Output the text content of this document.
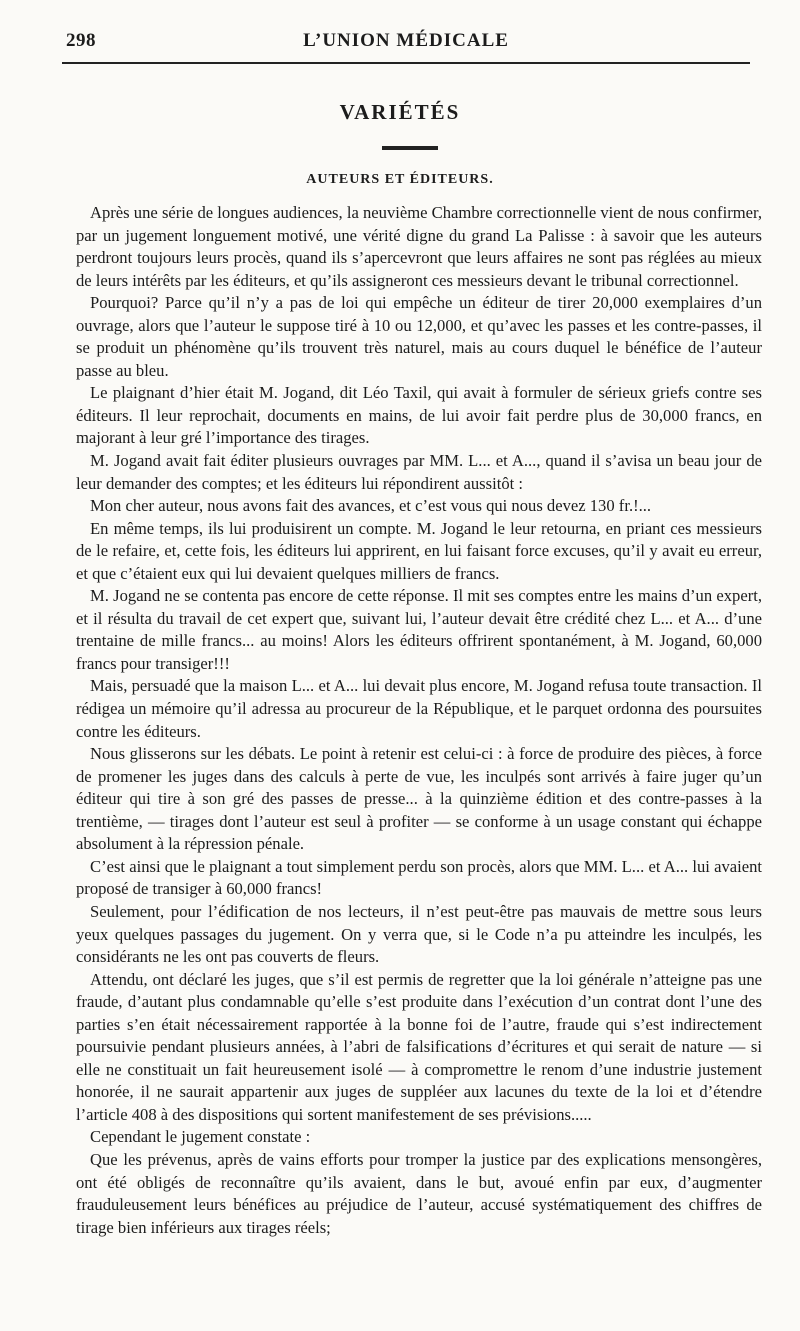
298	L’UNION MÉDICALE
VARIÉTÉS
AUTEURS ET ÉDITEURS.

Après une série de longues audiences, la neuvième Chambre correctionnelle vient de nous confirmer, par un jugement longuement motivé, une vérité digne du grand La Palisse : à savoir que les auteurs perdront toujours leurs procès, quand ils s’apercevront que leurs affaires ne sont pas réglées au mieux de leurs intérêts par les éditeurs, et qu’ils assigneront ces messieurs devant le tribunal correctionnel.

Pourquoi? Parce qu’il n’y a pas de loi qui empêche un éditeur de tirer 20,000 exemplaires d’un ouvrage, alors que l’auteur le suppose tiré à 10 ou 12,000, et qu’avec les passes et les contre-passes, il se produit un phénomène qu’ils trouvent très naturel, mais au cours duquel le bénéfice de l’auteur passe au bleu.

Le plaignant d’hier était M. Jogand, dit Léo Taxil, qui avait à formuler de sérieux griefs contre ses éditeurs. Il leur reprochait, documents en mains, de lui avoir fait perdre plus de 30,000 francs, en majorant à leur gré l’importance des tirages.

M. Jogand avait fait éditer plusieurs ouvrages par MM. L... et A..., quand il s’avisa un beau jour de leur demander des comptes; et les éditeurs lui répondirent aussitôt :

Mon cher auteur, nous avons fait des avances, et c’est vous qui nous devez 130 fr.!...

En même temps, ils lui produisirent un compte. M. Jogand le leur retourna, en priant ces messieurs de le refaire, et, cette fois, les éditeurs lui apprirent, en lui faisant force excuses, qu’il y avait eu erreur, et que c’étaient eux qui lui devaient quelques milliers de francs.

M. Jogand ne se contenta pas encore de cette réponse. Il mit ses comptes entre les mains d’un expert, et il résulta du travail de cet expert que, suivant lui, l’auteur devait être crédité chez L... et A... d’une trentaine de mille francs... au moins! Alors les éditeurs offrirent spontanément, à M. Jogand, 60,000 francs pour transiger!!!

Mais, persuadé que la maison L... et A... lui devait plus encore, M. Jogand refusa toute transaction. Il rédigea un mémoire qu’il adressa au procureur de la République, et le parquet ordonna des poursuites contre les éditeurs.

Nous glisserons sur les débats. Le point à retenir est celui-ci : à force de produire des pièces, à force de promener les juges dans des calculs à perte de vue, les inculpés sont arrivés à faire juger qu’un éditeur qui tire à son gré des passes de presse... à la quinzième édition et des contre-passes à la trentième, — tirages dont l’auteur est seul à profiter — se conforme à un usage constant qui échappe absolument à la répression pénale.

C’est ainsi que le plaignant a tout simplement perdu son procès, alors que MM. L... et A... lui avaient proposé de transiger à 60,000 francs!

Seulement, pour l’édification de nos lecteurs, il n’est peut-être pas mauvais de mettre sous leurs yeux quelques passages du jugement. On y verra que, si le Code n’a pu atteindre les inculpés, les considérants ne les ont pas couverts de fleurs.

Attendu, ont déclaré les juges, que s’il est permis de regretter que la loi générale n’atteigne pas une fraude, d’autant plus condamnable qu’elle s’est produite dans l’exécution d’un contrat dont l’une des parties s’en était nécessairement rapportée à la bonne foi de l’autre, fraude qui s’est indirectement poursuivie pendant plusieurs années, à l’abri de falsifications d’écritures et qui serait de nature — si elle ne constituait un fait heureusement isolé — à compromettre le renom d’une industrie justement honorée, il ne saurait appartenir aux juges de suppléer aux lacunes du texte de la loi et d’étendre l’article 408 à des dispositions qui sortent manifestement de ses prévisions.....

Cependant le jugement constate :

Que les prévenus, après de vains efforts pour tromper la justice par des explications mensongères, ont été obligés de reconnaître qu’ils avaient, dans le but, avoué enfin par eux, d’augmenter frauduleusement leurs bénéfices au préjudice de l’auteur, accusé systématiquement des chiffres de tirage bien inférieurs aux tirages réels;
